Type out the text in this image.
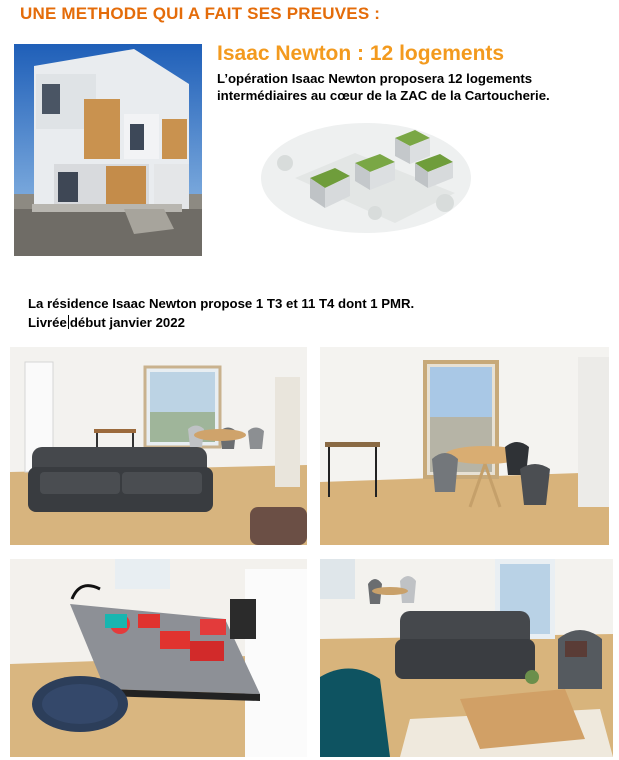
UNE METHODE QUI A FAIT SES PREUVES :
Isaac Newton : 12 logements
L’opération Isaac Newton proposera 12 logements intermédiaires au cœur de la ZAC de la Cartoucherie.
La résidence Isaac Newton propose 1 T3 et 11 T4 dont 1 PMR.
Livrée début janvier 2022
